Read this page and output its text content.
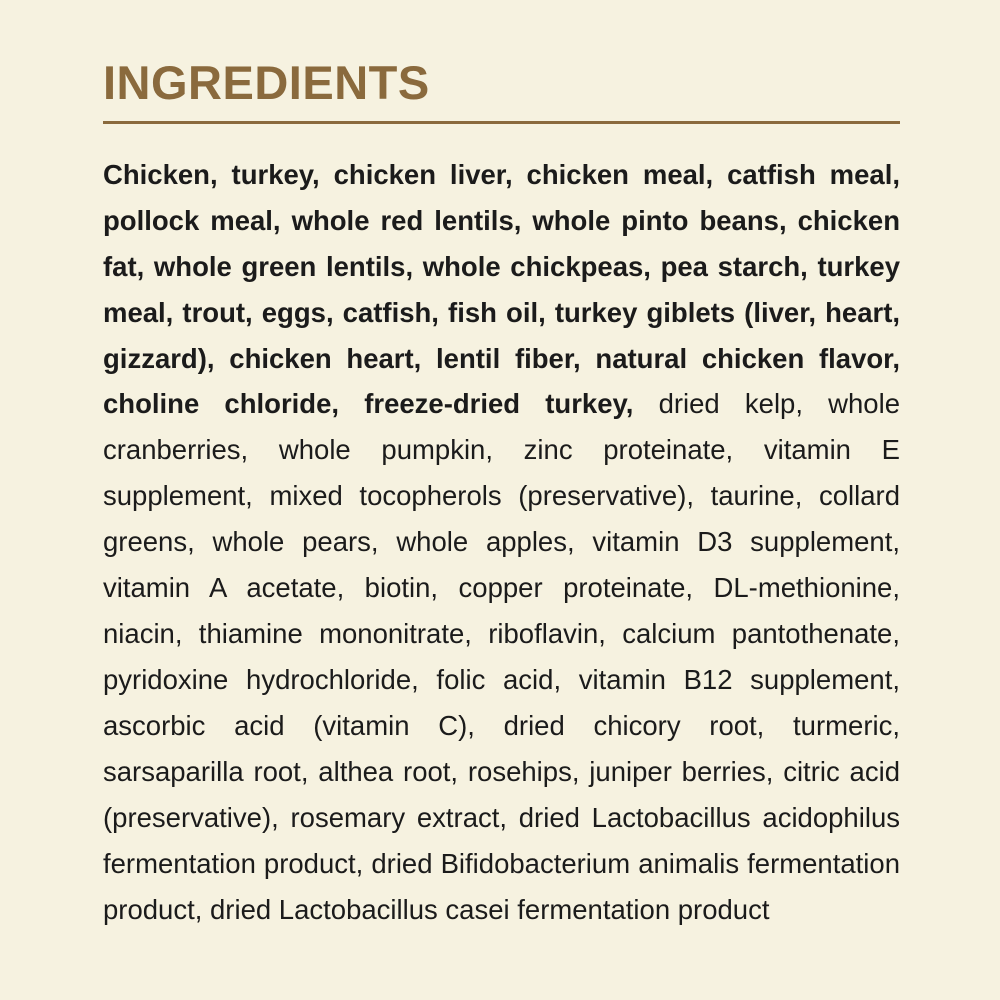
INGREDIENTS

Chicken, turkey, chicken liver, chicken meal, catfish meal, pollock meal, whole red lentils, whole pinto beans, chicken fat, whole green lentils, whole chickpeas, pea starch, turkey meal, trout, eggs, catfish, fish oil, turkey giblets (liver, heart, gizzard), chicken heart, lentil fiber, natural chicken flavor, choline chloride, freeze-dried turkey, dried kelp, whole cranberries, whole pumpkin, zinc proteinate, vitamin E supplement, mixed tocopherols (preservative), taurine, collard greens, whole pears, whole apples, vitamin D3 supplement, vitamin A acetate, biotin, copper proteinate, DL-methionine, niacin, thiamine mononitrate, riboflavin, calcium pantothenate, pyridoxine hydrochloride, folic acid, vitamin B12 supplement, ascorbic acid (vitamin C), dried chicory root, turmeric, sarsaparilla root, althea root, rosehips, juniper berries, citric acid (preservative), rosemary extract, dried Lactobacillus acidophilus fermentation product, dried Bifidobacterium animalis fermentation product, dried Lactobacillus casei fermentation product
